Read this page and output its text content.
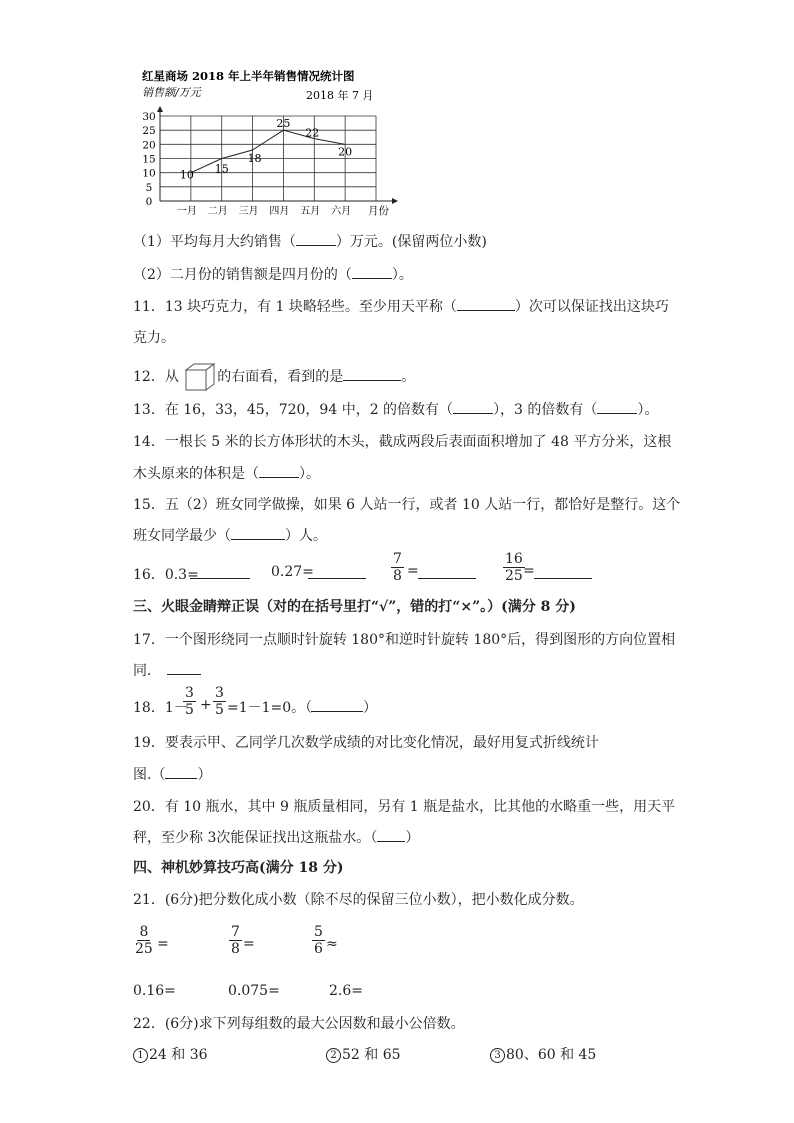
红星商场 2018 年上半年销售情况统计图
销售额/万元	2018 年 7 月
0
5
10
15
20
25
30
一月 二月 三月 四月 五月 六月
10 15
18
25
22
20
月份
（1）平均每月大约销售（	）万元。(保留两位小数)
（2）二月份的销售额是四月份的（	）。
11．13 块巧克力，有 1 块略轻些。至少用天平称（	）次可以保证找出这块巧
克力。
12．从	的右面看，看到的是	。
13．在 16，33，45，720，94 中，2 的倍数有（	），3 的倍数有（	）。
14．一根长 5 米的长方体形状的木头，截成两段后表面面积增加了 48 平方分米，这根
木头原来的体积是（	）。
15．五（2）班女同学做操，如果 6 人站一行，或者 10 人站一行，都恰好是整行。这个
班女同学最少（	）人。
16．0.3=	0.27=	$\frac{7}{8}$ =	$\frac{16}{25}$
=
三、火眼金睛辩正误（对的在括号里打“√”，错的打“×”。）(满分 8 分)
17．一个图形绕同一点顺时针旋转 180°和逆时针旋转 180°后，得到图形的方向位置相
同．
18．1－
$\frac{3}{5} + \frac{3}{5} =1-1=0$。（	）
19．要表示甲、乙同学几次数学成绩的对比变化情况，最好用复式折线统计
图.（ ）
20．有 10 瓶水，其中 9 瓶质量相同，另有 1 瓶是盐水，比其他的水略重一些，用天平
秤，至少称 3次能保证找出这瓶盐水。（ ）
四、神机妙算技巧高(满分 18 分)
21．(6分)把分数化成小数（除不尽的保留三位小数），把小数化成分数。
$\frac{8}{25}$ =	$\frac{7}{8}$ =	$\frac{5}{6}$ ≈
0.16=	0.075=	2.6=
22．(6分)求下列每组数的最大公因数和最小公倍数。
1 24 和 36	2 52 和 65	3 80、60 和 45
